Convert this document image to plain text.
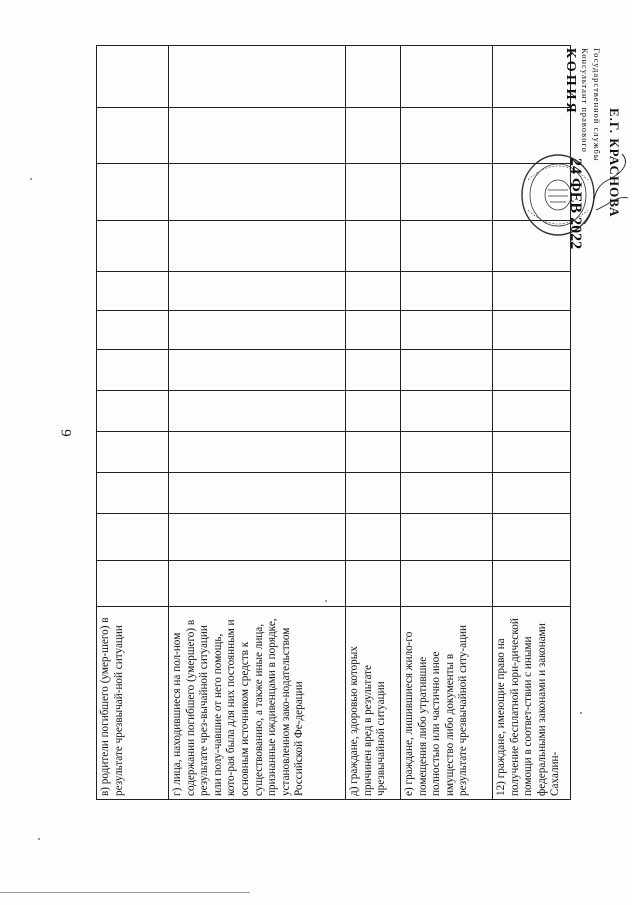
6
в) родители погибшего (умер-шего) в результате чрезвычай-ной ситуации												
г) лица, находившиеся на пол-ном содержании погибшего (умершего) в результате чрез-вычайной ситуации или полу-чавшие от него помощь, кото-рая была для них постоянным и основным источником средств к существованию, а также иные лица, признанные иждивенцами в порядке, установленном зако-нодательством Российской Фе-дерации												
д) граждане, здоровью которых причинен вред в результате чрезвычайной ситуации												
е) граждане, лишившиеся жило-го помещения либо утратившие полностью или частично иное имущество либо документы в результате чрезвычайной ситу-ации												
12) граждане, имеющие право на получение бесплатной юри-дической помощи в соответ-ствии с иными федеральными законами и законами Сахалин-												
КОПИЯ Консультант правового Государственной службы
Е.Г. КРАСНОВА
24 ФЕВ 2022
